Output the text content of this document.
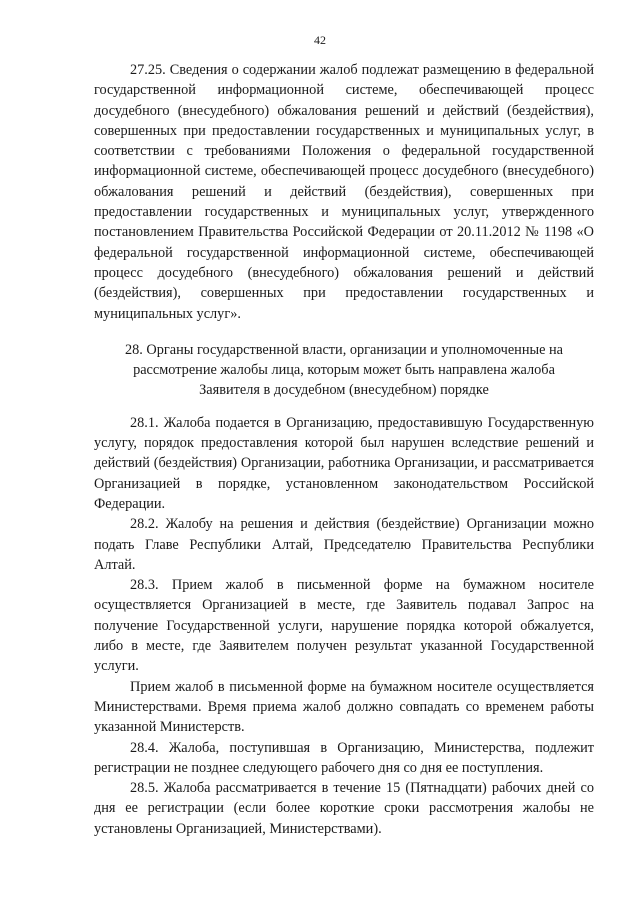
42

27.25. Сведения о содержании жалоб подлежат размещению в федеральной государственной информационной системе, обеспечивающей процесс досудебного (внесудебного) обжалования решений и действий (бездействия), совершенных при предоставлении государственных и муниципальных услуг, в соответствии с требованиями Положения о федеральной государственной информационной системе, обеспечивающей процесс досудебного (внесудебного) обжалования решений и действий (бездействия), совершенных при предоставлении государственных и муниципальных услуг, утвержденного постановлением Правительства Российской Федерации от 20.11.2012 № 1198 «О федеральной государственной информационной системе, обеспечивающей процесс досудебного (внесудебного) обжалования решений и действий (бездействия), совершенных при предоставлении государственных и муниципальных услуг».

28. Органы государственной власти, организации и уполномоченные на рассмотрение жалобы лица, которым может быть направлена жалоба Заявителя в досудебном (внесудебном) порядке

28.1. Жалоба подается в Организацию, предоставившую Государственную услугу, порядок предоставления которой был нарушен вследствие решений и действий (бездействия) Организации, работника Организации, и рассматривается Организацией в порядке, установленном законодательством Российской Федерации.

28.2. Жалобу на решения и действия (бездействие) Организации можно подать Главе Республики Алтай, Председателю Правительства Республики Алтай.

28.3. Прием жалоб в письменной форме на бумажном носителе осуществляется Организацией в месте, где Заявитель подавал Запрос на получение Государственной услуги, нарушение порядка которой обжалуется, либо в месте, где Заявителем получен результат указанной Государственной услуги.

Прием жалоб в письменной форме на бумажном носителе осуществляется Министерствами. Время приема жалоб должно совпадать со временем работы указанной Министерств.

28.4. Жалоба, поступившая в Организацию, Министерства, подлежит регистрации не позднее следующего рабочего дня со дня ее поступления.

28.5. Жалоба рассматривается в течение 15 (Пятнадцати) рабочих дней со дня ее регистрации (если более короткие сроки рассмотрения жалобы не установлены Организацией, Министерствами).
